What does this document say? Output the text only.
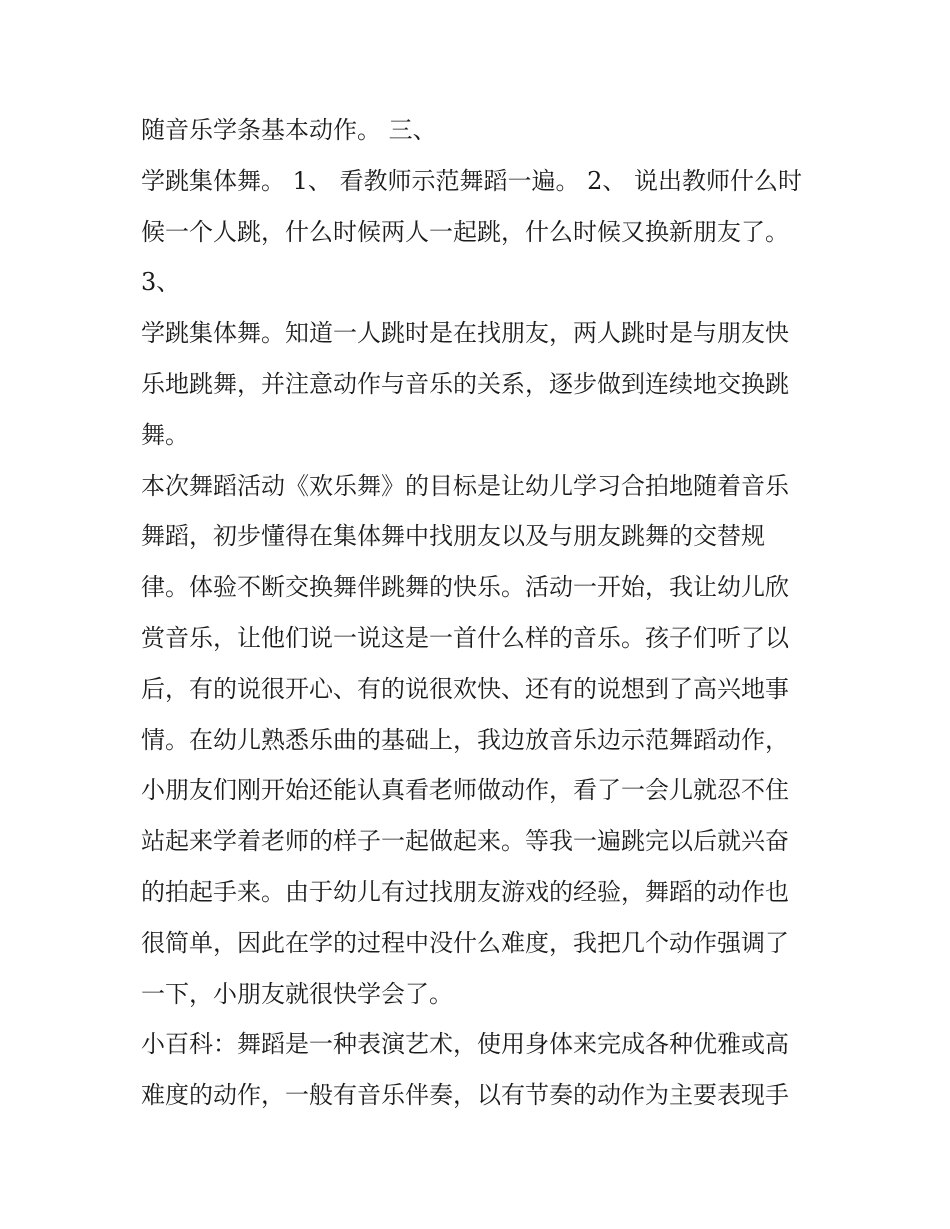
随音乐学条基本动作。 三、
学跳集体舞。 1、 看教师示范舞蹈一遍。 2、 说出教师什么时
候一个人跳，什么时候两人一起跳，什么时候又换新朋友了。
3、
学跳集体舞。知道一人跳时是在找朋友，两人跳时是与朋友快
乐地跳舞，并注意动作与音乐的关系，逐步做到连续地交换跳
舞。
本次舞蹈活动《欢乐舞》的目标是让幼儿学习合拍地随着音乐
舞蹈，初步懂得在集体舞中找朋友以及与朋友跳舞的交替规
律。体验不断交换舞伴跳舞的快乐。活动一开始，我让幼儿欣
赏音乐，让他们说一说这是一首什么样的音乐。孩子们听了以
后，有的说很开心、有的说很欢快、还有的说想到了高兴地事
情。在幼儿熟悉乐曲的基础上，我边放音乐边示范舞蹈动作，
小朋友们刚开始还能认真看老师做动作，看了一会儿就忍不住
站起来学着老师的样子一起做起来。等我一遍跳完以后就兴奋
的拍起手来。由于幼儿有过找朋友游戏的经验，舞蹈的动作也
很简单，因此在学的过程中没什么难度，我把几个动作强调了
一下，小朋友就很快学会了。
小百科：舞蹈是一种表演艺术，使用身体来完成各种优雅或高
难度的动作，一般有音乐伴奏，以有节奏的动作为主要表现手
